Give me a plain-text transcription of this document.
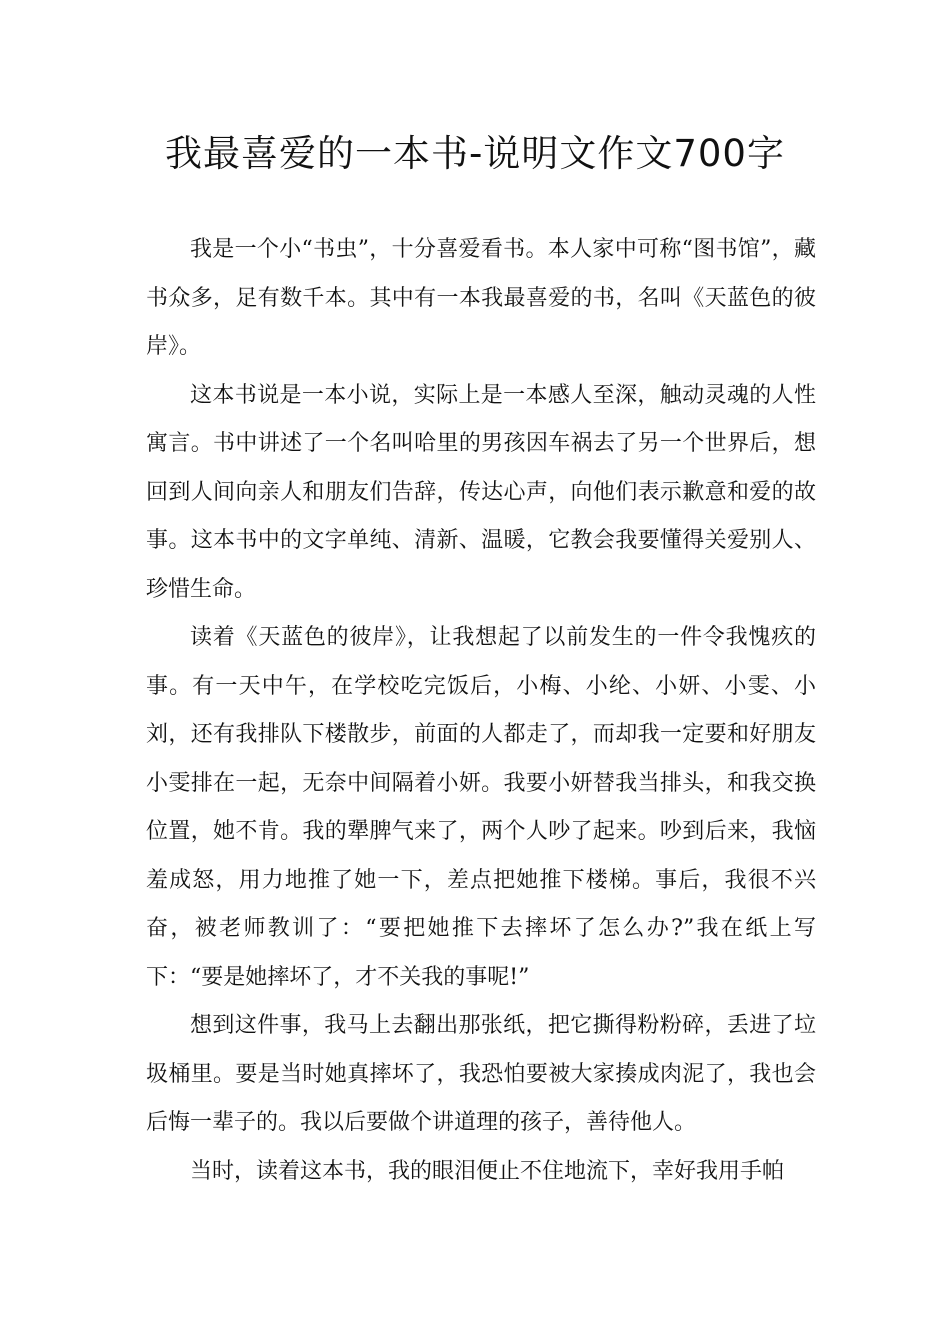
我最喜爱的一本书-说明文作文700字

我是一个小“书虫”，十分喜爱看书。本人家中可称“图书馆”，藏书众多，足有数千本。其中有一本我最喜爱的书，名叫《天蓝色的彼岸》。

这本书说是一本小说，实际上是一本感人至深，触动灵魂的人性寓言。书中讲述了一个名叫哈里的男孩因车祸去了另一个世界后，想回到人间向亲人和朋友们告辞，传达心声，向他们表示歉意和爱的故事。这本书中的文字单纯、清新、温暖，它教会我要懂得关爱别人、珍惜生命。

读着《天蓝色的彼岸》，让我想起了以前发生的一件令我愧疚的事。有一天中午，在学校吃完饭后，小梅、小纶、小妍、小雯、小刘，还有我排队下楼散步，前面的人都走了，而却我一定要和好朋友小雯排在一起，无奈中间隔着小妍。我要小妍替我当排头，和我交换位置，她不肯。我的犟脾气来了，两个人吵了起来。吵到后来，我恼羞成怒，用力地推了她一下，差点把她推下楼梯。事后，我很不兴奋，被老师教训了：“要把她推下去摔坏了怎么办?”我在纸上写下：“要是她摔坏了，才不关我的事呢!”

想到这件事，我马上去翻出那张纸，把它撕得粉粉碎，丢进了垃圾桶里。要是当时她真摔坏了，我恐怕要被大家揍成肉泥了，我也会后悔一辈子的。我以后要做个讲道理的孩子，善待他人。

当时，读着这本书，我的眼泪便止不住地流下，幸好我用手帕
